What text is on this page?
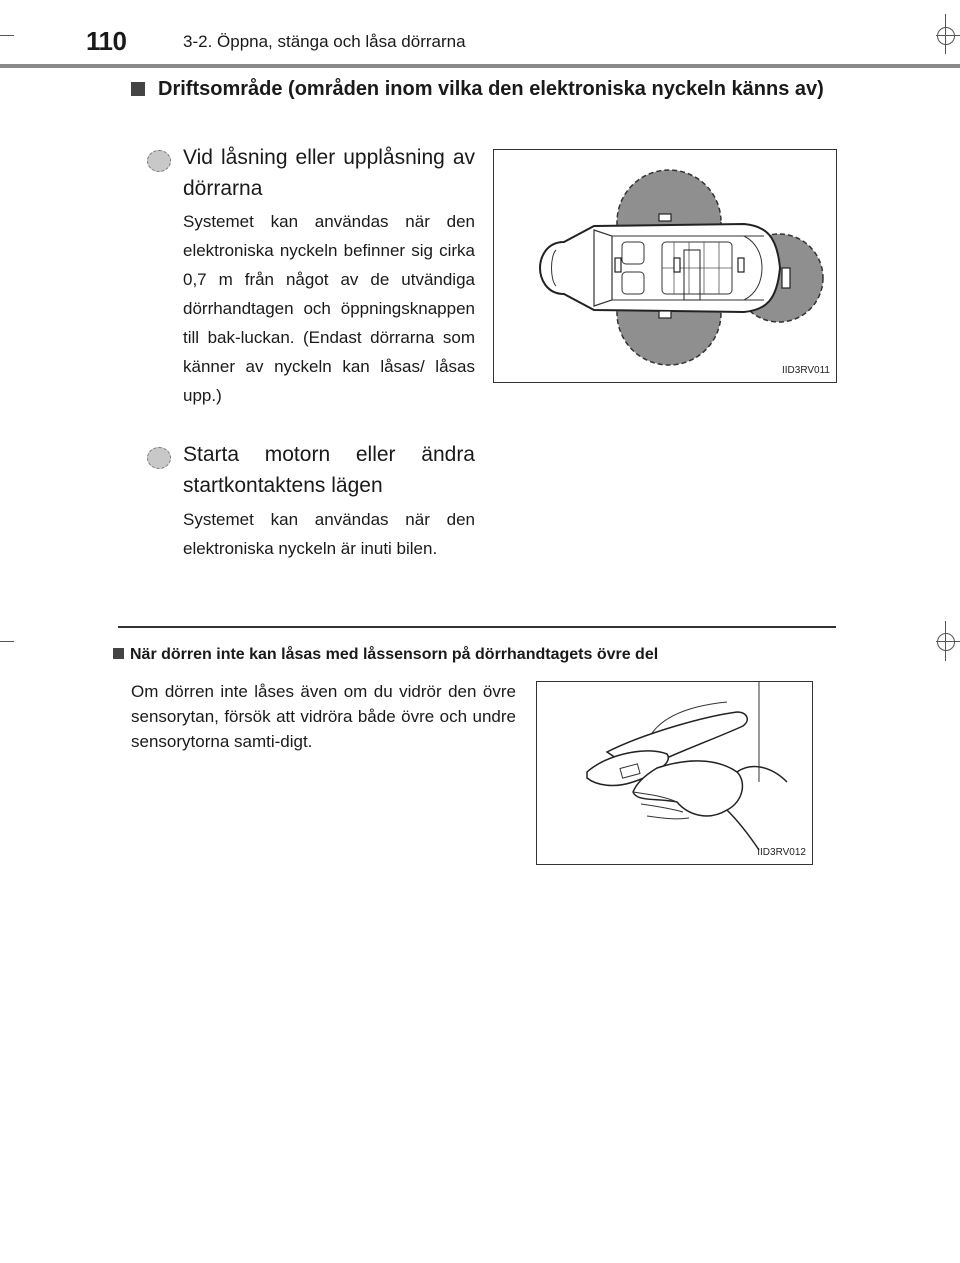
110	3-2. Öppna, stänga och låsa dörrarna
Driftsområde (områden inom vilka den elektroniska nyckeln känns av)
Vid låsning eller upplåsning av dörrarna
Systemet kan användas när den elektroniska nyckeln befinner sig cirka 0,7 m från något av de utvändiga dörrhandtagen och öppningsknappen till bak-luckan. (Endast dörrarna som känner av nyckeln kan låsas/ låsas upp.)
Starta motorn eller ändra startkontaktens lägen
Systemet kan användas när den elektroniska nyckeln är inuti bilen.
IID3RV011
När dörren inte kan låsas med låssensorn på dörrhandtagets övre del
Om dörren inte låses även om du vidrör den övre sensorytan, försök att vidröra både övre och undre sensorytorna samti-digt.
IID3RV012
